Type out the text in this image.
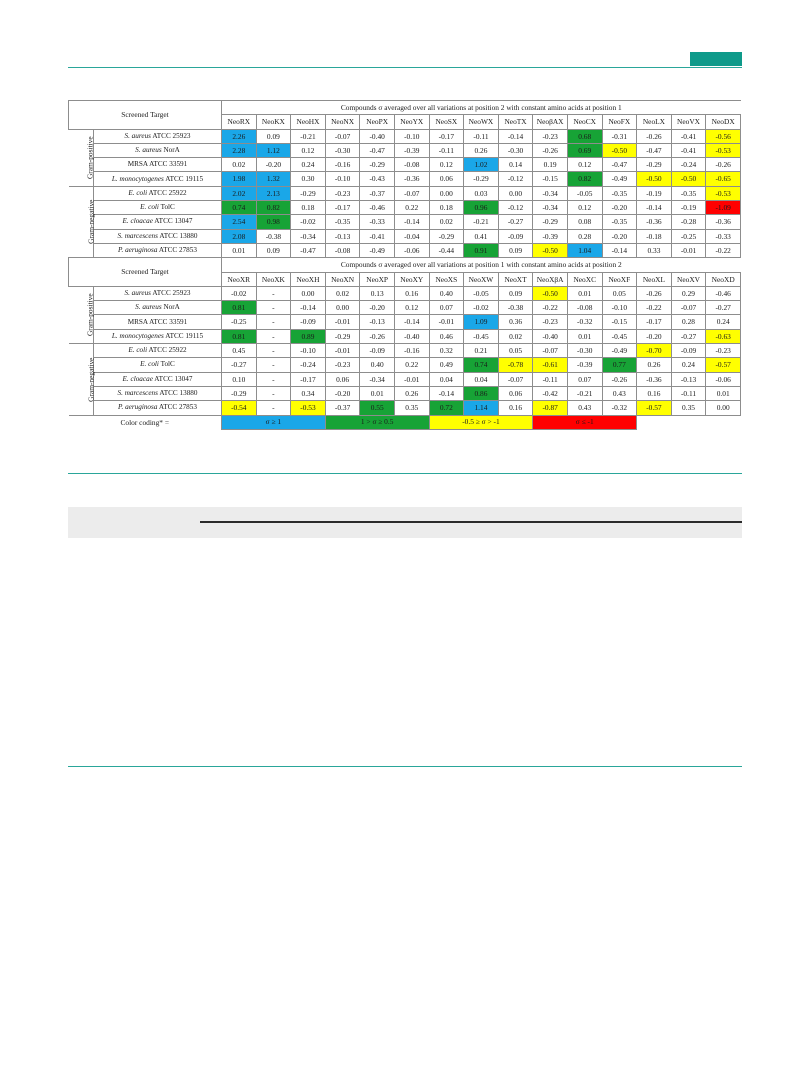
Screened Target		Compounds σ averaged over all variations at position 2 with constant amino acids at position 1														
		NeoRX	NeoKX	NeoHX	NeoNX	NeoPX	NeoYX	NeoSX	NeoWX	NeoTX	NeoβAX	NeoCX	NeoFX	NeoLX	NeoVX	NeoDX
Gram-positive	S. aureus ATCC 25923	2.26	0.09	-0.21	-0.07	-0.40	-0.10	-0.17	-0.11	-0.14	-0.23	0.68	-0.31	-0.26	-0.41	-0.56
	S. aureus NorA	2.28	1.12	0.12	-0.30	-0.47	-0.39	-0.11	0.26	-0.30	-0.26	0.69	-0.50	-0.47	-0.41	-0.53
	MRSA ATCC 33591	0.02	-0.20	0.24	-0.16	-0.29	-0.08	0.12	1.02	0.14	0.19	0.12	-0.47	-0.29	-0.24	-0.26
	L. monocytogenes ATCC 19115	1.98	1.32	0.30	-0.10	-0.43	-0.36	0.06	-0.29	-0.12	-0.15	0.82	-0.49	-0.50	-0.50	-0.65
Gram-negative	E. coli ATCC 25922	2.02	2.13	-0.29	-0.23	-0.37	-0.07	0.00	0.03	0.00	-0.34	-0.05	-0.35	-0.19	-0.35	-0.53
	E. coli TolC	0.74	0.82	0.18	-0.17	-0.46	0.22	0.18	0.96	-0.12	-0.34	0.12	-0.20	-0.14	-0.19	-1.09
	E. cloacae ATCC 13047	2.54	0.98	-0.02	-0.35	-0.33	-0.14	0.02	-0.21	-0.27	-0.29	0.08	-0.35	-0.36	-0.28	-0.36
	S. marcescens ATCC 13880	2.08	-0.38	-0.34	-0.13	-0.41	-0.04	-0.29	0.41	-0.09	-0.39	0.28	-0.20	-0.18	-0.25	-0.33
	P. aeruginosa ATCC 27853	0.01	0.09	-0.47	-0.08	-0.49	-0.06	-0.44	0.91	0.09	-0.50	1.04	-0.14	0.33	-0.01	-0.22
Screened Target		Compounds σ averaged over all variations at position 1 with constant amino acids at position 2														
		NeoXR	NeoXK	NeoXH	NeoXN	NeoXP	NeoXY	NeoXS	NeoXW	NeoXT	NeoXβA	NeoXC	NeoXF	NeoXL	NeoXV	NeoXD
Gram-positive	S. aureus ATCC 25923	-0.02	-	0.00	0.02	0.13	0.16	0.40	-0.05	0.09	-0.50	0.01	0.05	-0.26	0.29	-0.46
	S. aureus NorA	0.81	-	-0.14	0.00	-0.20	0.12	0.07	-0.02	-0.38	-0.22	-0.08	-0.10	-0.22	-0.07	-0.27
	MRSA ATCC 33591	-0.25	-	-0.09	-0.01	-0.13	-0.14	-0.01	1.09	0.36	-0.23	-0.32	-0.15	-0.17	0.28	0.24
	L. monocytogenes ATCC 19115	0.81	-	0.89	-0.29	-0.26	-0.40	0.46	-0.45	0.02	-0.40	0.01	-0.45	-0.20	-0.27	-0.63
Gram-negative	E. coli ATCC 25922	0.45	-	-0.10	-0.01	-0.09	-0.16	0.32	0.21	0.05	-0.07	-0.30	-0.49	-0.70	-0.09	-0.23
	E. coli TolC	-0.27	-	-0.24	-0.23	0.40	0.22	0.49	0.74	-0.78	-0.61	-0.39	0.77	0.26	0.24	-0.57
	E. cloacae ATCC 13047	0.10	-	-0.17	0.06	-0.34	-0.01	0.04	0.04	-0.07	-0.11	0.07	-0.26	-0.36	-0.13	-0.06
	S. marcescens ATCC 13880	-0.29	-	0.34	-0.20	0.01	0.26	-0.14	0.86	0.06	-0.42	-0.21	0.43	0.16	-0.11	0.01
	P. aeruginosa ATCC 27853	-0.54	-	-0.53	-0.37	0.55	0.35	0.72	1.14	0.16	-0.87	0.43	-0.32	-0.57	0.35	0.00
Color coding* =		σ ≥ 1			1 > σ ≥ 0.5			-0.5 ≥ σ > -1			σ ≤ -1					
